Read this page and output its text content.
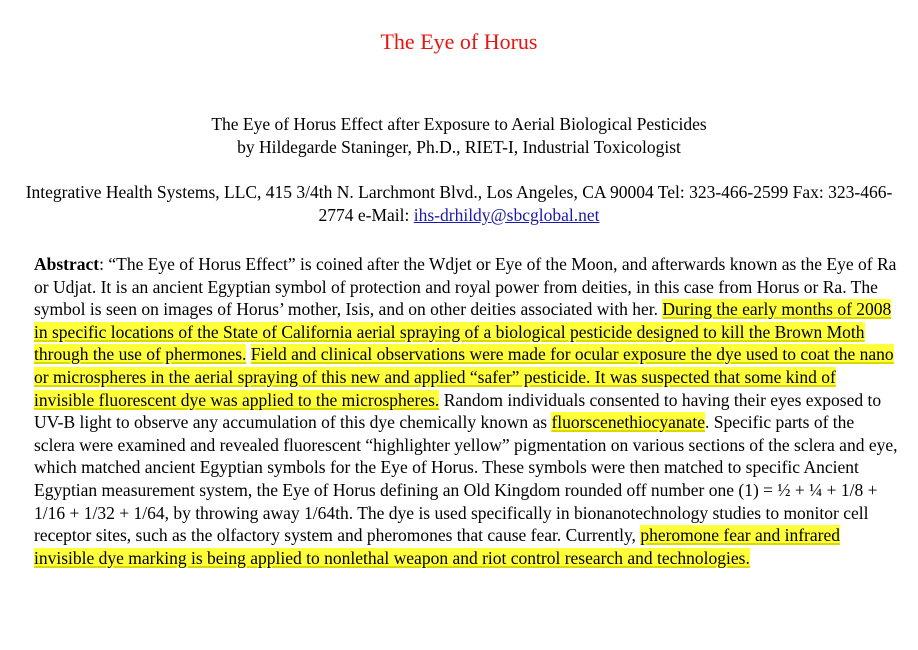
The Eye of Horus
The Eye of Horus Effect after Exposure to Aerial Biological Pesticides
by Hildegarde Staninger, Ph.D., RIET-I, Industrial Toxicologist
Integrative Health Systems, LLC, 415 3/4th N. Larchmont Blvd., Los Angeles, CA 90004 Tel: 323-466-2599 Fax: 323-466-2774 e-Mail: ihs-drhildy@sbcglobal.net
Abstract: “The Eye of Horus Effect” is coined after the Wdjet or Eye of the Moon, and afterwards known as the Eye of Ra or Udjat. It is an ancient Egyptian symbol of protection and royal power from deities, in this case from Horus or Ra. The symbol is seen on images of Horus’ mother, Isis, and on other deities associated with her. During the early months of 2008 in specific locations of the State of California aerial spraying of a biological pesticide designed to kill the Brown Moth through the use of phermones. Field and clinical observations were made for ocular exposure the dye used to coat the nano or microspheres in the aerial spraying of this new and applied “safer” pesticide. It was suspected that some kind of invisible fluorescent dye was applied to the microspheres. Random individuals consented to having their eyes exposed to UV-B light to observe any accumulation of this dye chemically known as fluorscenethiocyanate. Specific parts of the sclera were examined and revealed fluorescent “highlighter yellow” pigmentation on various sections of the sclera and eye, which matched ancient Egyptian symbols for the Eye of Horus. These symbols were then matched to specific Ancient Egyptian measurement system, the Eye of Horus defining an Old Kingdom rounded off number one (1) = ½ + ¼ + 1/8 + 1/16 + 1/32 + 1/64, by throwing away 1/64th. The dye is used specifically in bionanotechnology studies to monitor cell receptor sites, such as the olfactory system and pheromones that cause fear. Currently, pheromone fear and infrared invisible dye marking is being applied to nonlethal weapon and riot control research and technologies.
